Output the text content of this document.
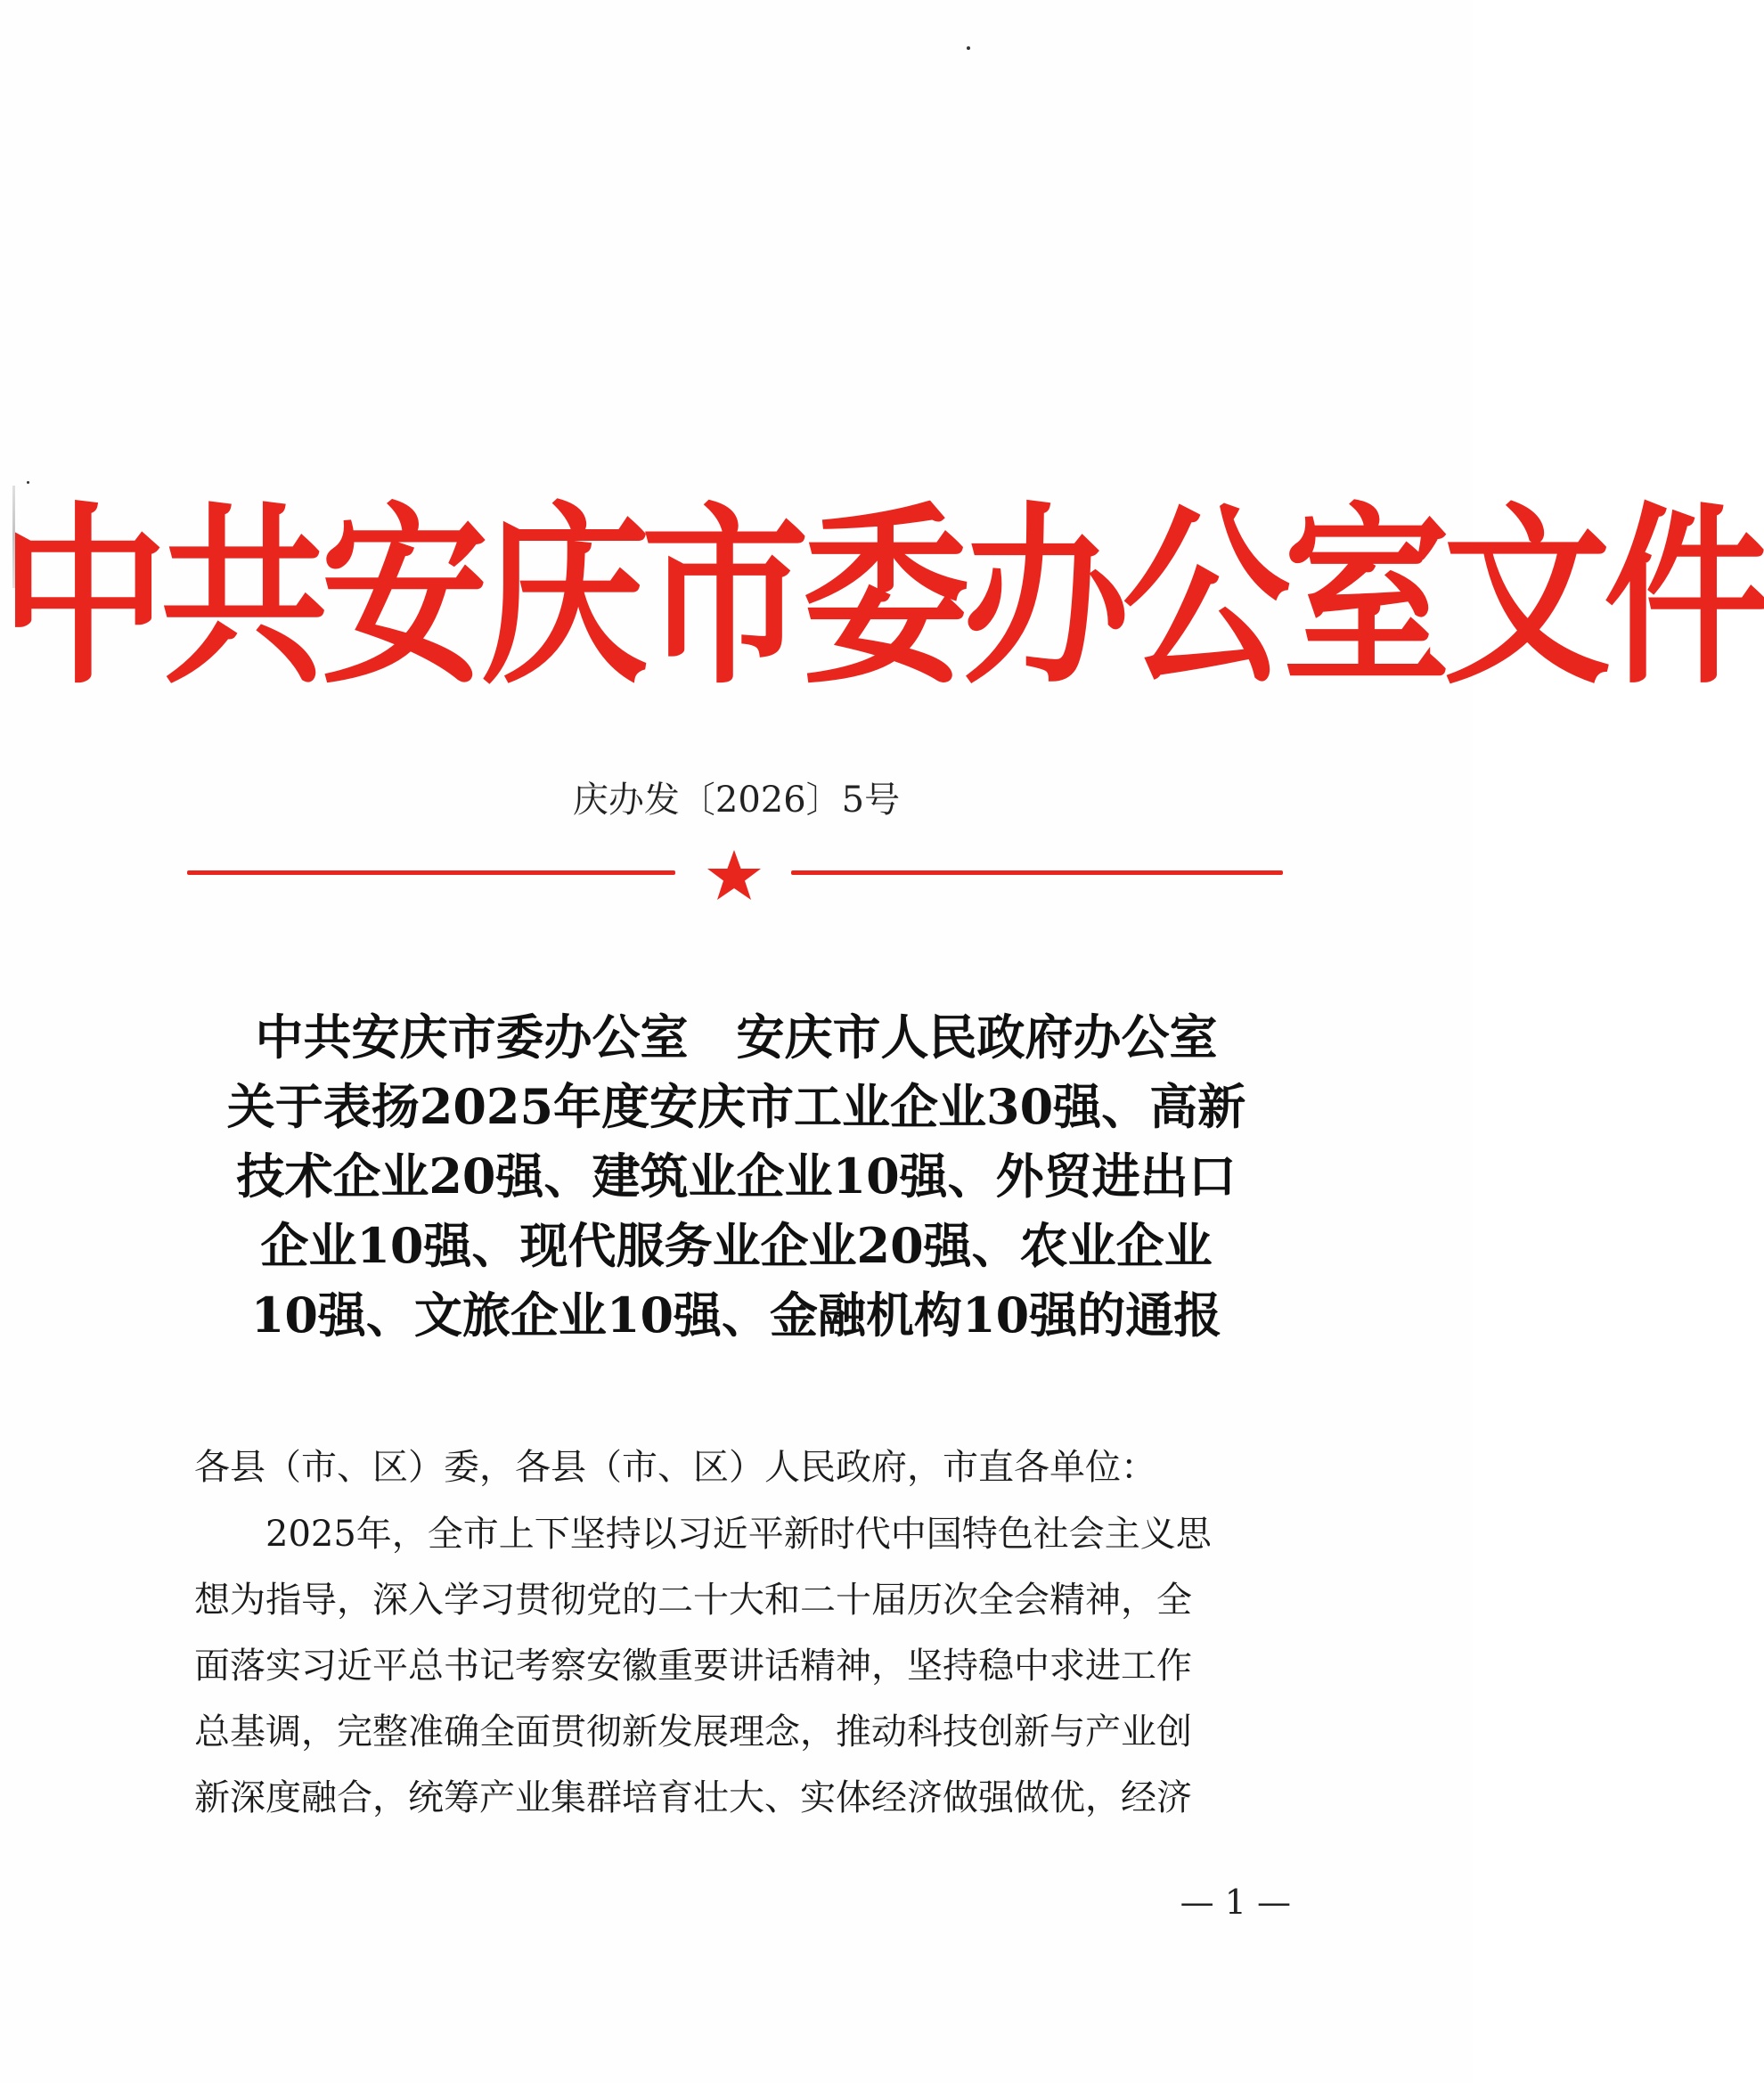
中共安庆市委办公室文件
庆办发〔2026〕5号
中共安庆市委办公室　安庆市人民政府办公室
关于表扬2025年度安庆市工业企业30强、高新
技术企业20强、建筑业企业10强、外贸进出口
企业10强、现代服务业企业20强、农业企业
10强、文旅企业10强、金融机构10强的通报
各县（市、区）委，各县（市、区）人民政府，市直各单位：
　　2025年，全市上下坚持以习近平新时代中国特色社会主义思
想为指导，深入学习贯彻党的二十大和二十届历次全会精神，全
面落实习近平总书记考察安徽重要讲话精神，坚持稳中求进工作
总基调，完整准确全面贯彻新发展理念，推动科技创新与产业创
新深度融合，统筹产业集群培育壮大、实体经济做强做优，经济
— 1 —
